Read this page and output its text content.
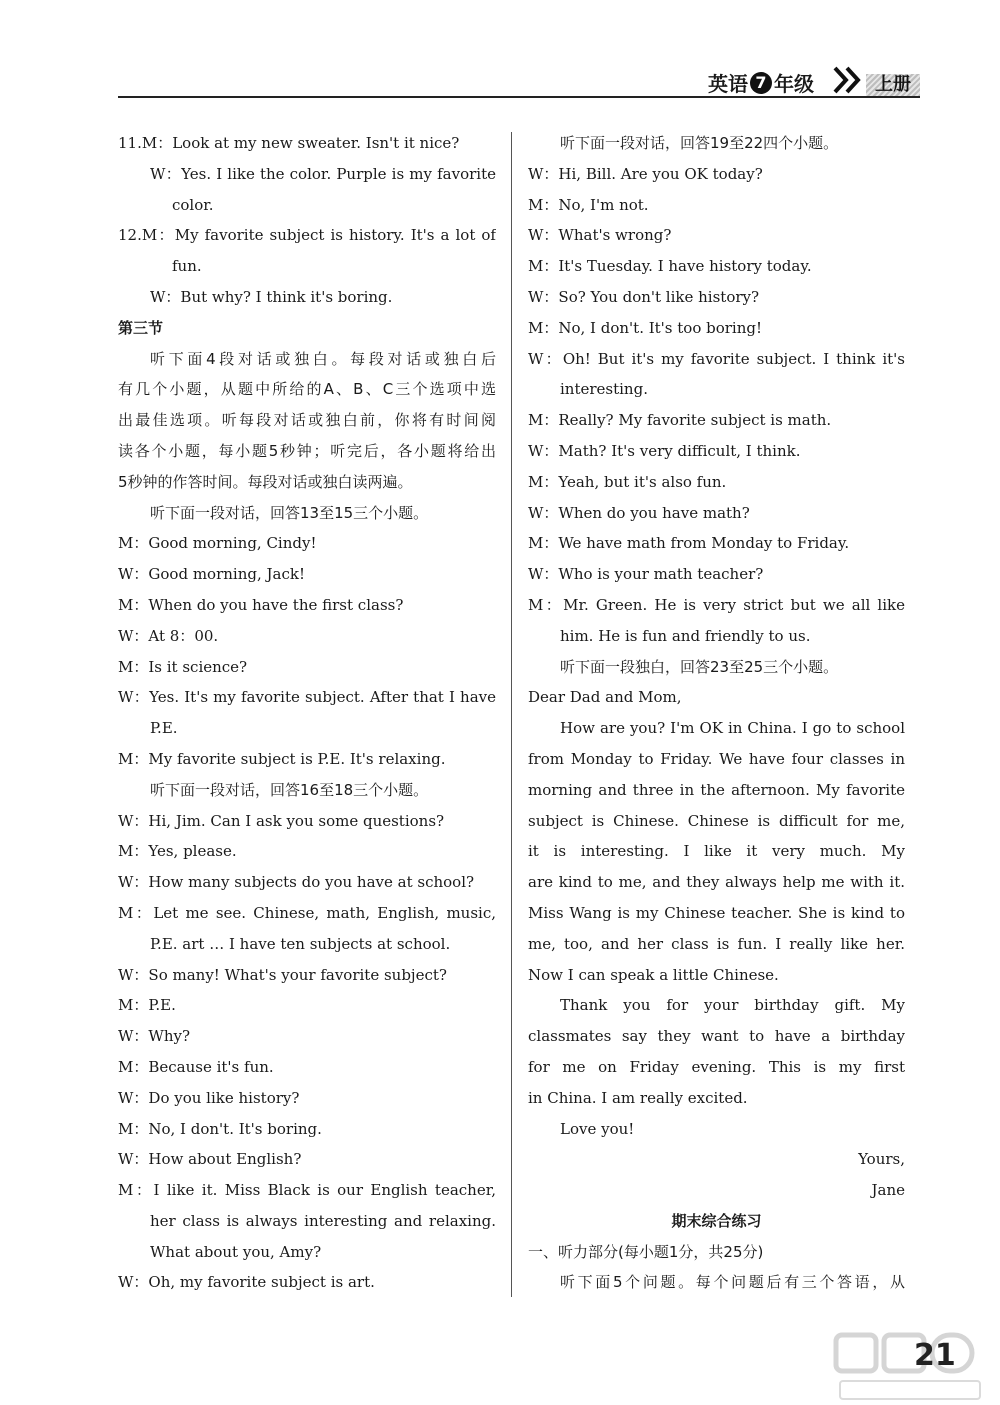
英语 7 年级	上册
11.M：Look at my new sweater. Isn't it nice?
W：Yes. I like the color. Purple is my favorite
color.
12.M：My favorite subject is history. It's a lot of
fun.
W：But why? I think it's boring.
第三节
听下面4段对话或独白。每段对话或独白后
有几个小题，从题中所给的A、B、C三个选项中选
出最佳选项。听每段对话或独白前，你将有时间阅
读各个小题，每小题5秒钟；听完后，各小题将给出
5秒钟的作答时间。每段对话或独白读两遍。
听下面一段对话，回答13至15三个小题。
M：Good morning, Cindy!
W：Good morning, Jack!
M：When do you have the first class?
W：At 8：00.
M：Is it science?
W：Yes. It's my favorite subject. After that I have
P.E.
M：My favorite subject is P.E. It's relaxing.
听下面一段对话，回答16至18三个小题。
W：Hi, Jim. Can I ask you some questions?
M：Yes, please.
W：How many subjects do you have at school?
M：Let me see. Chinese, math, English, music,
P.E. art … I have ten subjects at school.
W：So many! What's your favorite subject?
M：P.E.
W：Why?
M：Because it's fun.
W：Do you like history?
M：No, I don't. It's boring.
W：How about English?
M：I like it. Miss Black is our English teacher,
her class is always interesting and relaxing.
What about you, Amy?
W：Oh, my favorite subject is art.
听下面一段对话，回答19至22四个小题。
W：Hi, Bill. Are you OK today?
M：No, I'm not.
W：What's wrong?
M：It's Tuesday. I have history today.
W：So? You don't like history?
M：No, I don't. It's too boring!
W：Oh! But it's my favorite subject. I think it's
interesting.
M：Really? My favorite subject is math.
W：Math? It's very difficult, I think.
M：Yeah, but it's also fun.
W：When do you have math?
M：We have math from Monday to Friday.
W：Who is your math teacher?
M：Mr. Green. He is very strict but we all like
him. He is fun and friendly to us.
听下面一段独白，回答23至25三个小题。
Dear Dad and Mom,
How are you? I'm OK in China. I go to school
from Monday to Friday. We have four classes in
morning and three in the afternoon. My favorite
subject is Chinese. Chinese is difficult for me,
it is interesting. I like it very much. My
are kind to me, and they always help me with it.
Miss Wang is my Chinese teacher. She is kind to
me, too, and her class is fun. I really like her.
Now I can speak a little Chinese.
Thank you for your birthday gift. My
classmates say they want to have a birthday
for me on Friday evening. This is my first
in China. I am really excited.
Love you!
Yours,
Jane
期末综合练习
一、听力部分(每小题1分，共25分)
听下面5个问题。每个问题后有三个答语，从
21
